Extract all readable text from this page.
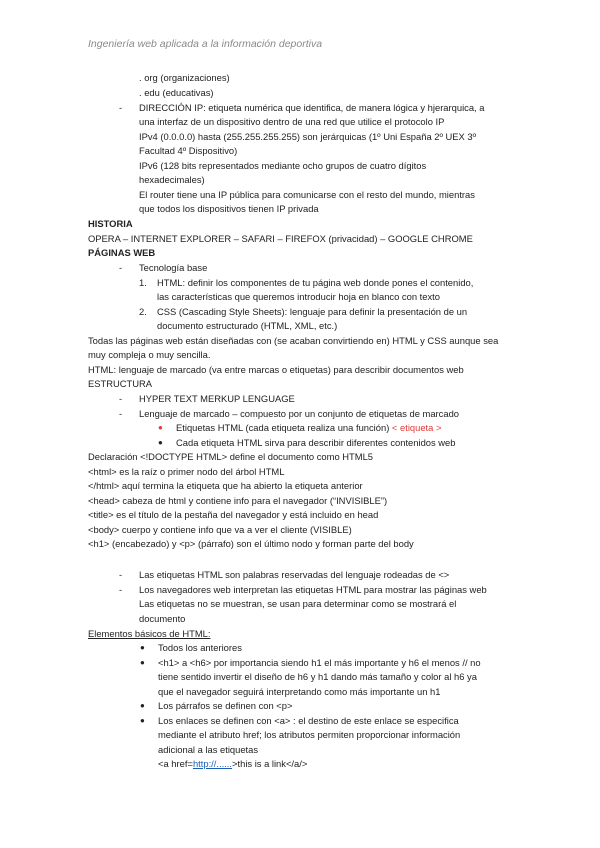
Ingeniería web aplicada a la información deportiva
. org (organizaciones)
. edu (educativas)
-	DIRECCIÓN IP: etiqueta numérica que identifica, de manera lógica y hjerarquica, a
una interfaz de un dispositivo dentro de una red que utilice el protocolo IP
IPv4 (0.0.0.0) hasta (255.255.255.255) son jerárquicas (1º Uni España 2º UEX 3º
Facultad 4º Dispositivo)
IPv6 (128 bits representados mediante ocho grupos de cuatro dígitos
hexadecimales)
El router tiene una IP pública para comunicarse con el resto del mundo, mientras
que todos los dispositivos tienen IP privada
HISTORIA
OPERA – INTERNET EXPLORER – SAFARI – FIREFOX (privacidad) – GOOGLE CHROME
PÁGINAS WEB
-	Tecnología base
1. HTML: definir los componentes de tu página web donde pones el contenido,
las características que queremos introducir hoja en blanco con texto
2. CSS (Cascading Style Sheets): lenguaje para definir la presentación de un
documento estructurado (HTML, XML, etc.)
Todas las páginas web están diseñadas con (se acaban convirtiendo en) HTML y CSS aunque sea
muy compleja o muy sencilla.
HTML: lenguaje de marcado (va entre marcas o etiquetas) para describir documentos web
ESTRUCTURA
-	HYPER TEXT MERKUP LENGUAGE
-	Lenguaje de marcado – compuesto por un conjunto de etiquetas de marcado
● Etiquetas HTML (cada etiqueta realiza una función) < etiqueta >
● Cada etiqueta HTML sirva para describir diferentes contenidos web
Declaración <!DOCTYPE HTML> define el documento como HTML5
<html> es la raíz o primer nodo del árbol HTML
</html> aquí termina la etiqueta que ha abierto la etiqueta anterior
<head> cabeza de html y contiene info para el navegador (“INVISIBLE”)
<title> es el título de la pestaña del navegador y está incluido en head
<body> cuerpo y contiene info que va a ver el cliente (VISIBLE)
<h1> (encabezado) y <p> (párrafo) son el último nodo y forman parte del body
-	Las etiquetas HTML son palabras reservadas del lenguaje rodeadas de <>
-	Los navegadores web interpretan las etiquetas HTML para mostrar las páginas web
Las etiquetas no se muestran, se usan para determinar como se mostrará el
documento
Elementos básicos de HTML:
● Todos los anteriores
● <h1> a <h6> por importancia siendo h1 el más importante y h6 el menos // no
tiene sentido invertir el diseño de h6 y h1 dando más tamaño y color al h6 ya
que el navegador seguirá interpretando como más importante un h1
● Los párrafos se definen con <p>
● Los enlaces se definen con <a> : el destino de este enlace se especifica
mediante el atributo href; los atributos permiten proporcionar información
adicional a las etiquetas
<a href=http://......>this is a link</a/>
